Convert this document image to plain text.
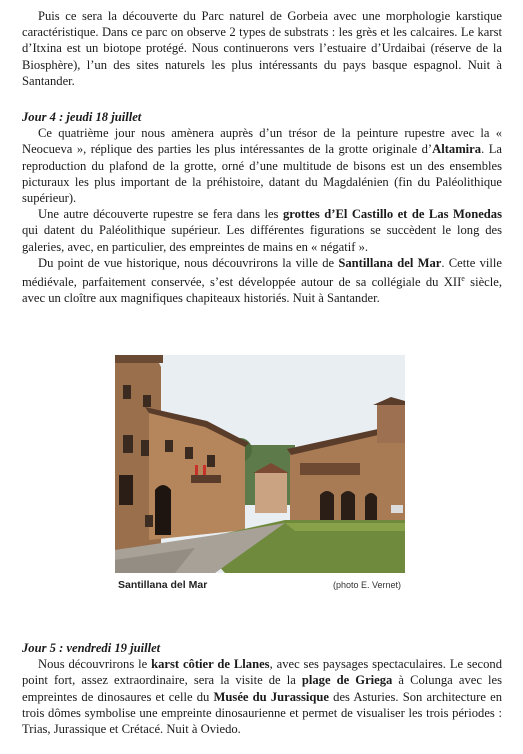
Puis ce sera la découverte du Parc naturel de Gorbeia avec une morphologie karstique caractéristique. Dans ce parc on observe 2 types de substrats : les grès et les calcaires. Le karst d’Itxina est un biotope protégé. Nous continuerons vers l’estuaire d’Urdaibai (réserve de la Biosphère), l’un des sites naturels les plus intéressants du pays basque espagnol. Nuit à Santander.

Jour 4 : jeudi 18 juillet

Ce quatrième jour nous amènera auprès d’un trésor de la peinture rupestre avec la « Neocueva », réplique des parties les plus intéressantes de la grotte originale d’Altamira. La reproduction du plafond de la grotte, orné d’une multitude de bisons est un des ensembles picturaux les plus important de la préhistoire, datant du Magdalénien (fin du Paléolithique supérieur).

Une autre découverte rupestre se fera dans les grottes d’El Castillo et de Las Monedas qui datent du Paléolithique supérieur. Les différentes figurations se succèdent le long des galeries, avec, en particulier, des empreintes de mains en « négatif ».

Du point de vue historique, nous découvrirons la ville de Santillana del Mar. Cette ville médiévale, parfaitement conservée, s’est développée autour de sa collégiale du XIIe siècle, avec un cloître aux magnifiques chapiteaux historiés. Nuit à Santander.

Santillana del Mar	(photo E. Vernet)
Jour 5 : vendredi 19 juillet

Nous découvrirons le karst côtier de Llanes, avec ses paysages spectaculaires. Le second point fort, assez extraordinaire, sera la visite de la plage de Griega à Colunga avec les empreintes de dinosaures et celle du Musée du Jurassique des Asturies. Son architecture en trois dômes symbolise une empreinte dinosaurienne et permet de visualiser les trois périodes : Trias, Jurassique et Crétacé. Nuit à Oviedo.
